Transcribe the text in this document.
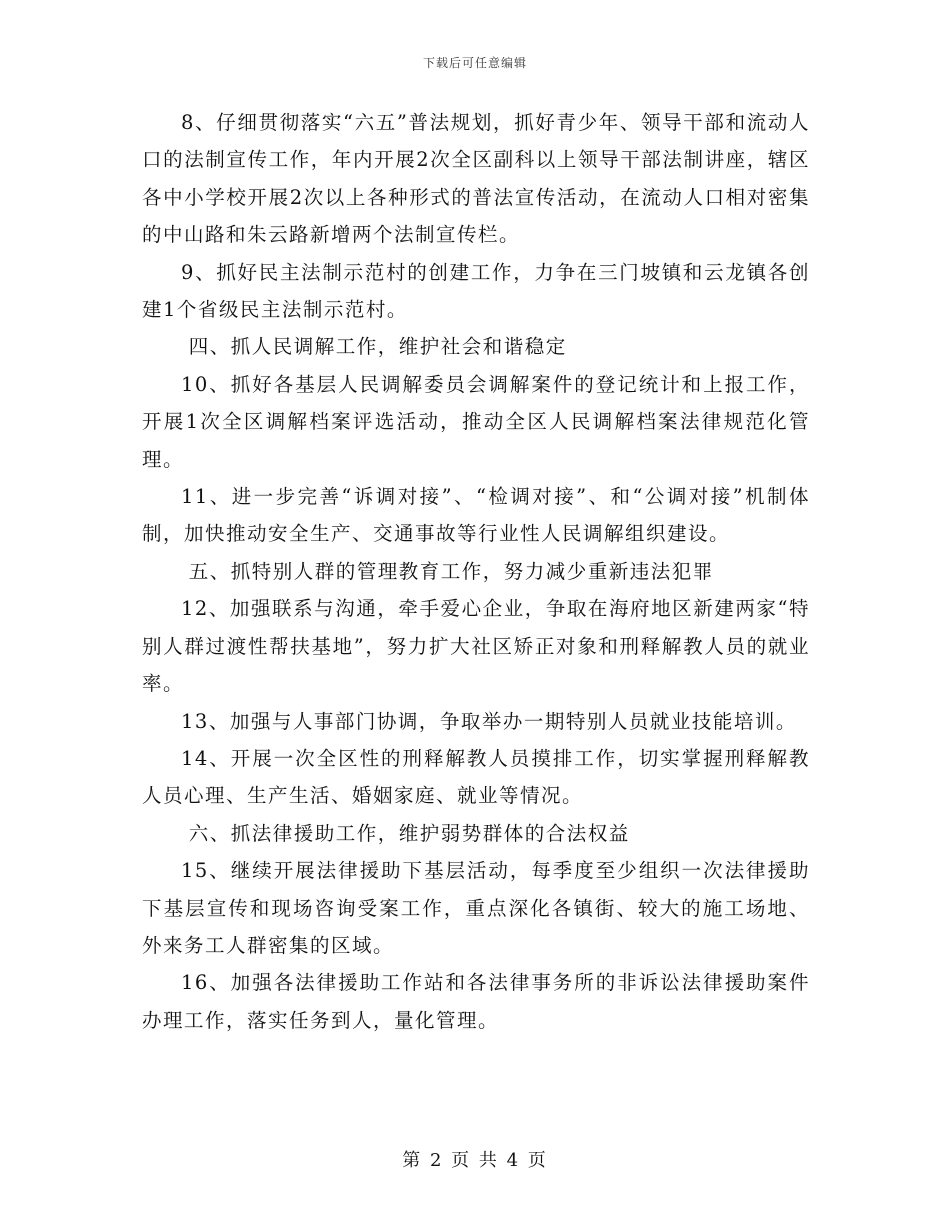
下载后可任意编辑

8、仔细贯彻落实“六五”普法规划，抓好青少年、领导干部和流动人口的法制宣传工作，年内开展2次全区副科以上领导干部法制讲座，辖区各中小学校开展2次以上各种形式的普法宣传活动，在流动人口相对密集的中山路和朱云路新增两个法制宣传栏。

9、抓好民主法制示范村的创建工作，力争在三门坡镇和云龙镇各创建1个省级民主法制示范村。

四、抓人民调解工作，维护社会和谐稳定

10、抓好各基层人民调解委员会调解案件的登记统计和上报工作，开展1次全区调解档案评选活动，推动全区人民调解档案法律规范化管理。

11、进一步完善“诉调对接”、“检调对接”、和“公调对接”机制体制，加快推动安全生产、交通事故等行业性人民调解组织建设。

五、抓特别人群的管理教育工作，努力减少重新违法犯罪

12、加强联系与沟通，牵手爱心企业，争取在海府地区新建两家“特别人群过渡性帮扶基地”，努力扩大社区矫正对象和刑释解教人员的就业率。

13、加强与人事部门协调，争取举办一期特别人员就业技能培训。

14、开展一次全区性的刑释解教人员摸排工作，切实掌握刑释解教人员心理、生产生活、婚姻家庭、就业等情况。

六、抓法律援助工作，维护弱势群体的合法权益

15、继续开展法律援助下基层活动，每季度至少组织一次法律援助下基层宣传和现场咨询受案工作，重点深化各镇街、较大的施工场地、外来务工人群密集的区域。

16、加强各法律援助工作站和各法律事务所的非诉讼法律援助案件办理工作，落实任务到人，量化管理。

第 2 页 共 4 页
